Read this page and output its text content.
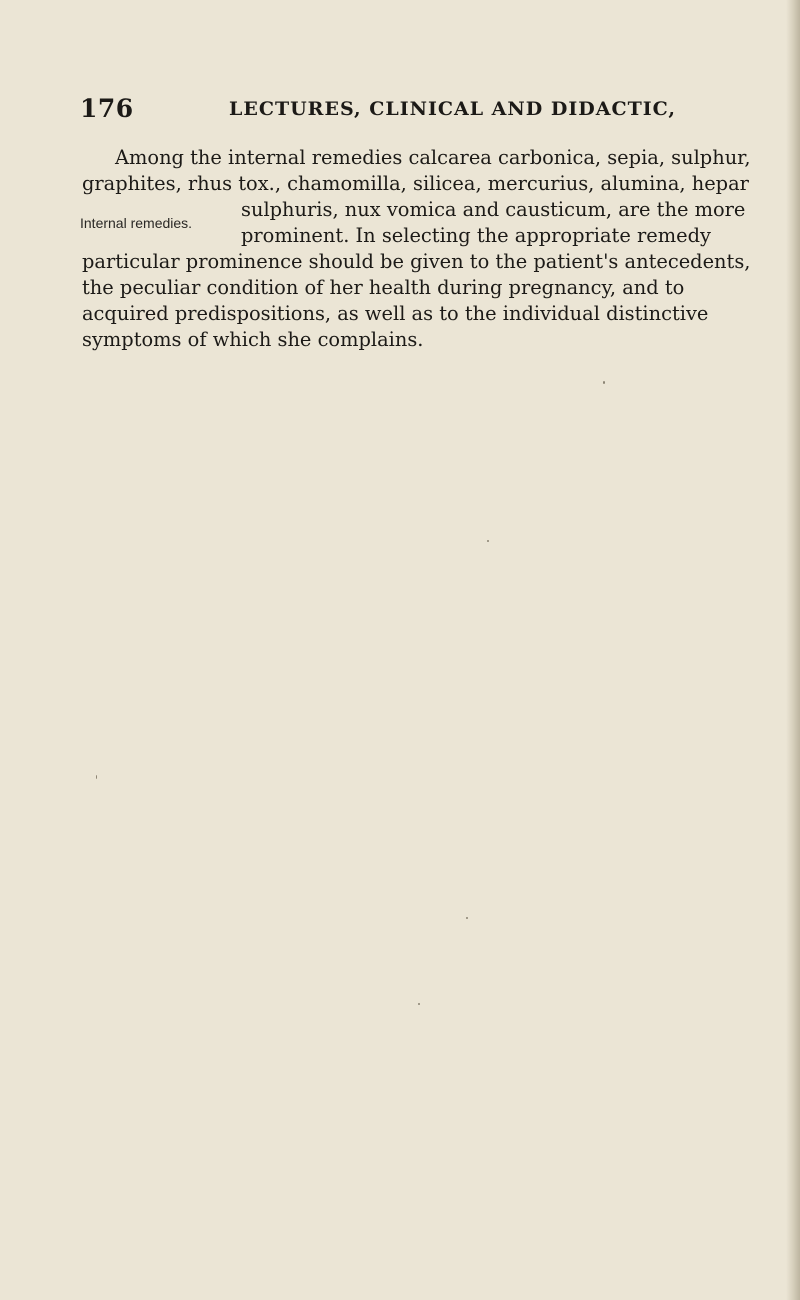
176	LECTURES, CLINICAL AND DIDACTIC,
Internal remedies.
Among the internal remedies calcarea carbonica, sepia, sulphur,
graphites, rhus tox., chamomilla, silicea, mercurius, alumina, hepar
sulphuris, nux vomica and causticum, are the more
prominent. In selecting the appropriate remedy
particular prominence should be given to the patient's antecedents,
the peculiar condition of her health during pregnancy, and to
acquired predispositions, as well as to the individual distinctive
symptoms of which she complains.
